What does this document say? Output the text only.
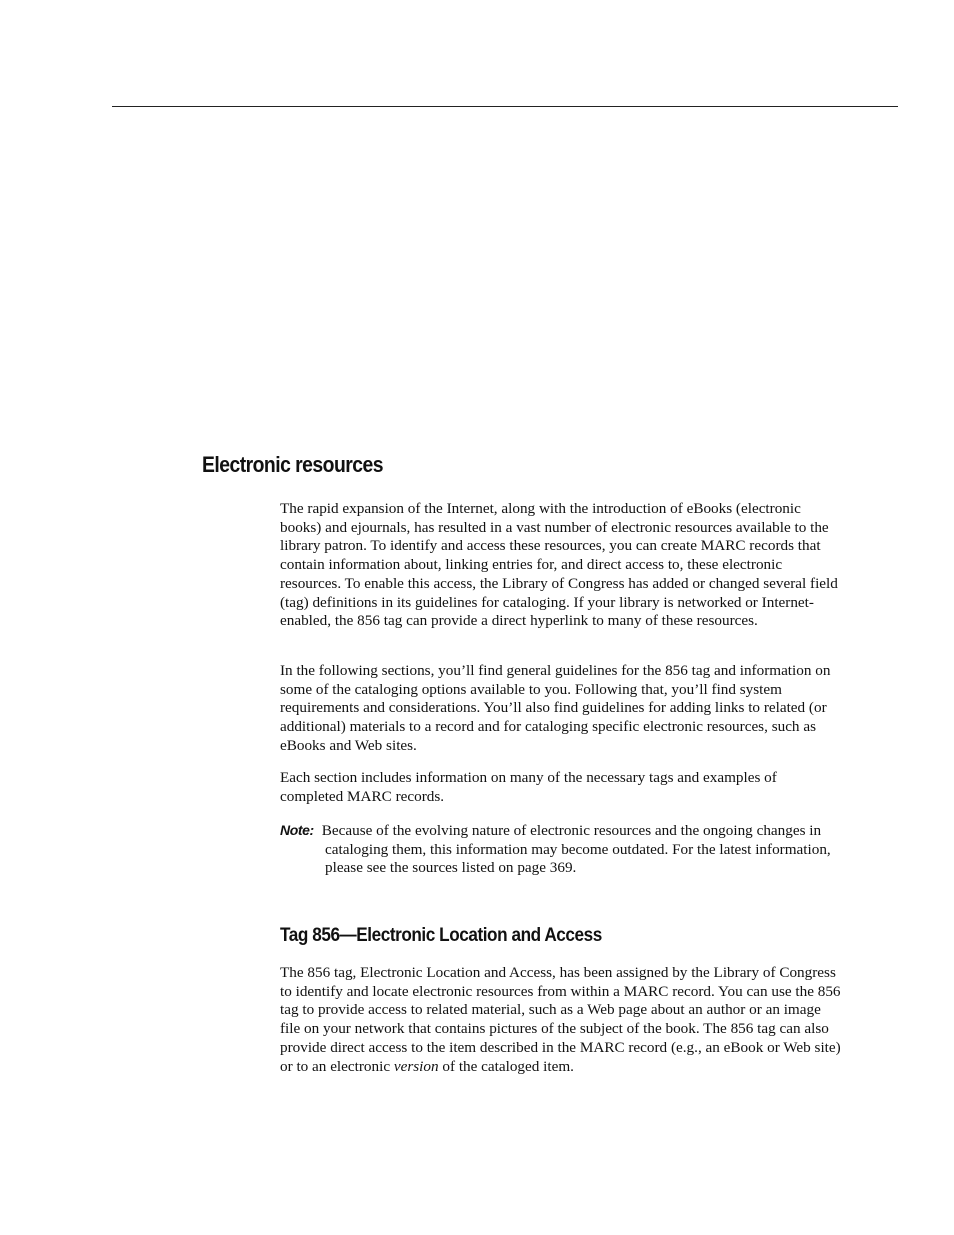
Electronic resources

The rapid expansion of the Internet, along with the introduction of eBooks (electronic books) and ejournals, has resulted in a vast number of electronic resources available to the library patron. To identify and access these resources, you can create MARC records that contain information about, linking entries for, and direct access to, these electronic resources. To enable this access, the Library of Congress has added or changed several field (tag) definitions in its guidelines for cataloging. If your library is networked or Internet-enabled, the 856 tag can provide a direct hyperlink to many of these resources.

In the following sections, you’ll find general guidelines for the 856 tag and information on some of the cataloging options available to you. Following that, you’ll find system requirements and considerations. You’ll also find guidelines for adding links to related (or additional) materials to a record and for cataloging specific electronic resources, such as eBooks and Web sites.

Each section includes information on many of the necessary tags and examples of completed MARC records.

Note: Because of the evolving nature of electronic resources and the ongoing changes in cataloging them, this information may become outdated. For the latest information, please see the sources listed on page 369.
Tag 856—Electronic Location and Access

The 856 tag, Electronic Location and Access, has been assigned by the Library of Congress to identify and locate electronic resources from within a MARC record. You can use the 856 tag to provide access to related material, such as a Web page about an author or an image file on your network that contains pictures of the subject of the book. The 856 tag can also provide direct access to the item described in the MARC record (e.g., an eBook or Web site) or to an electronic version of the cataloged item.
